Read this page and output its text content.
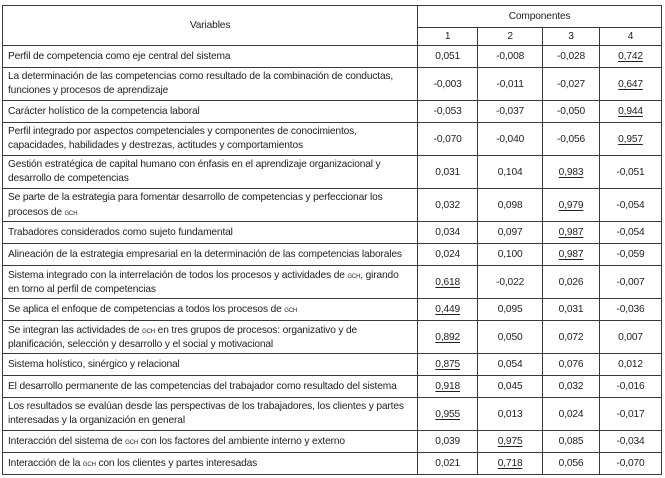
Variables	Componentes			
	1	2	3	4
Perfil de competencia como eje central del sistema	0,051	-0,008	-0,028	0,742
La determinación de las competencias como resultado de la combinación de conductas, funciones y procesos de aprendizaje	-0,003	-0,011	-0,027	0,647
Carácter holístico de la competencia laboral	-0,053	-0,037	-0,050	0,944
Perfil integrado por aspectos competenciales y componentes de conocimientos, capacidades, habilidades y destrezas, actitudes y comportamientos	-0,070	-0,040	-0,056	0,957
Gestión estratégica de capital humano con énfasis en el aprendizaje organizacional y desarrollo de competencias	0,031	0,104	0,983	-0,051
Se parte de la estrategia para fomentar desarrollo de competencias y perfeccionar los procesos de gch	0,032	0,098	0,979	-0,054
Trabadores considerados como sujeto fundamental	0,034	0,097	0,987	-0,054
Alineación de la estrategia empresarial en la determinación de las competencias laborales	0,024	0,100	0,987	-0,059
Sistema integrado con la interrelación de todos los procesos y actividades de gch, girando en torno al perfil de competencias	0,618	-0,022	0,026	-0,007
Se aplica el enfoque de competencias a todos los procesos de gch	0,449	0,095	0,031	-0,036
Se integran las actividades de gch en tres grupos de procesos: organizativo y de planificación, selección y desarrollo y el social y motivacional	0,892	0,050	0,072	0,007
Sistema holístico, sinérgico y relacional	0,875	0,054	0,076	0,012
El desarrollo permanente de las competencias del trabajador como resultado del sistema	0,918	0,045	0,032	-0,016
Los resultados se evalúan desde las perspectivas de los trabajadores, los clientes y partes interesadas y la organización en general	0,955	0,013	0,024	-0,017
Interacción del sistema de gch con los factores del ambiente interno y externo	0,039	0,975	0,085	-0,034
Interacción de la gch con los clientes y partes interesadas	0,021	0,718	0,056	-0,070
